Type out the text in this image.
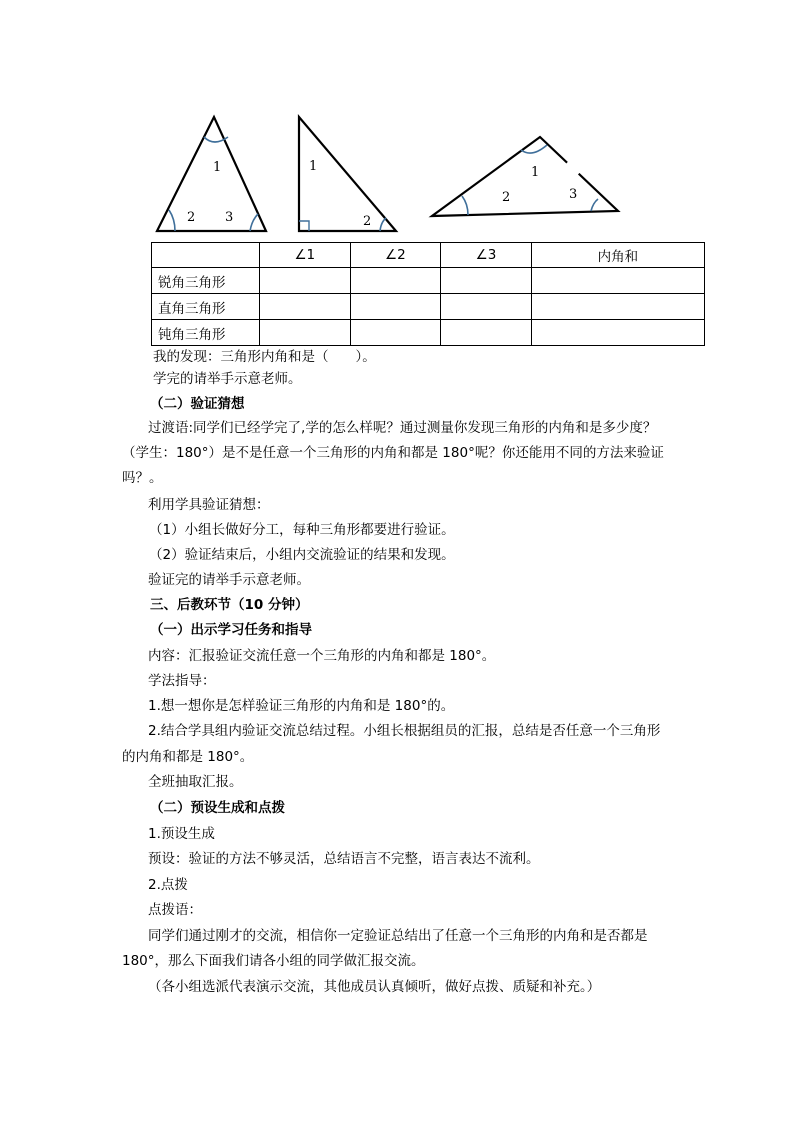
1
2 3
1
2
1
2	3
	∠1	∠2	∠3	内角和
锐角三角形				
直角三角形				
钝角三角形				
我的发现：三角形内角和是（　　）。
学完的请举手示意老师。
（二）验证猜想
过渡语:同学们已经学完了,学的怎么样呢？通过测量你发现三角形的内角和是多少度？
（学生：180°）是不是任意一个三角形的内角和都是 180°呢？你还能用不同的方法来验证
吗？。
利用学具验证猜想：
（1）小组长做好分工，每种三角形都要进行验证。
（2）验证结束后，小组内交流验证的结果和发现。
验证完的请举手示意老师。
三、后教环节（10 分钟）
（一）出示学习任务和指导
内容：汇报验证交流任意一个三角形的内角和都是 180°。
学法指导：
1.想一想你是怎样验证三角形的内角和是 180°的。
2.结合学具组内验证交流总结过程。小组长根据组员的汇报，总结是否任意一个三角形
的内角和都是 180°。
全班抽取汇报。
（二）预设生成和点拨
1.预设生成
预设：验证的方法不够灵活，总结语言不完整，语言表达不流利。
2.点拨
点拨语：
同学们通过刚才的交流，相信你一定验证总结出了任意一个三角形的内角和是否都是
180°，那么下面我们请各小组的同学做汇报交流。
（各小组选派代表演示交流，其他成员认真倾听，做好点拨、质疑和补充。）
